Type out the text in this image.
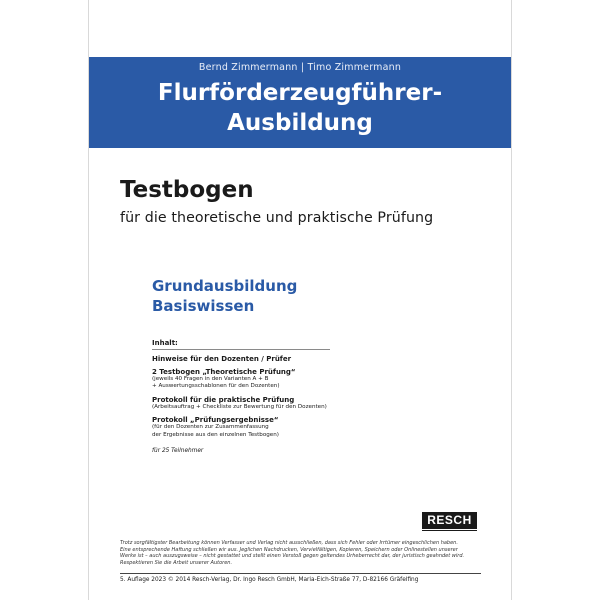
Bernd Zimmermann | Timo Zimmermann
Flurförderzeugführer-
Ausbildung
Testbogen
für die theoretische und praktische Prüfung
Grundausbildung
Basiswissen
Inhalt:
Hinweise für den Dozenten / Prüfer
2 Testbogen „Theoretische Prüfung“
(jeweils 40 Fragen in den Varianten A + B
+ Auswertungsschablonen für den Dozenten)
Protokoll für die praktische Prüfung
(Arbeitsauftrag + Checkliste zur Bewertung für den Dozenten)
Protokoll „Prüfungsergebnisse“
(für den Dozenten zur Zusammenfassung
der Ergebnisse aus den einzelnen Testbogen)
für 25 Teilnehmer
RESCH
Trotz sorgfältigster Bearbeitung können Verfasser und Verlag nicht ausschließen, dass sich Fehler oder Irrtümer eingeschlichen haben.
Eine entsprechende Haftung schließen wir aus. Jeglichen Nachdrucken, Vervielfältigen, Kopieren, Speichern oder Onlinestellen unserer
Werke ist – auch auszugsweise – nicht gestattet und stellt einen Verstoß gegen geltendes Urheberrecht dar, der juristisch geahndet wird.
Respektieren Sie die Arbeit unserer Autoren.
5. Auflage 2023 © 2014 Resch-Verlag, Dr. Ingo Resch GmbH, Maria-Eich-Straße 77, D-82166 Gräfelfing
